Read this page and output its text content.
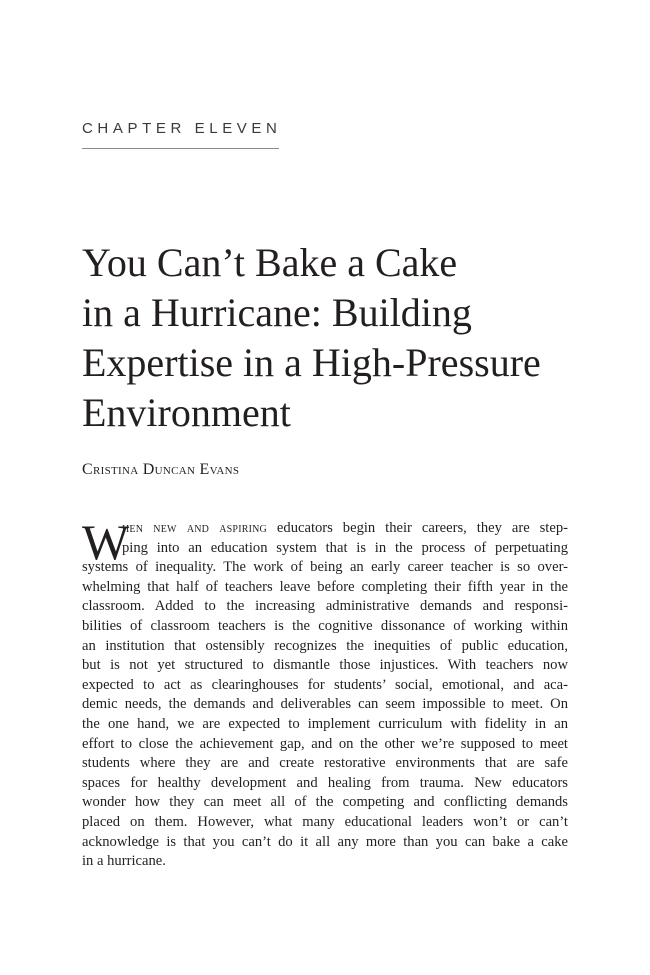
CHAPTER ELEVEN
You Can’t Bake a Cake
in a Hurricane: Building
Expertise in a High-Pressure
Environment
Cristina Duncan Evans
W
hen new and aspiring educators begin their careers, they are step-
ping into an education system that is in the process of perpetuating
systems of inequality. The work of being an early career teacher is so over-
whelming that half of teachers leave before completing their fifth year in the
classroom. Added to the increasing administrative demands and responsi-
bilities of classroom teachers is the cognitive dissonance of working within
an institution that ostensibly recognizes the inequities of public education,
but is not yet structured to dismantle those injustices. With teachers now
expected to act as clearinghouses for students’ social, emotional, and aca-
demic needs, the demands and deliverables can seem impossible to meet. On
the one hand, we are expected to implement curriculum with fidelity in an
effort to close the achievement gap, and on the other we’re supposed to meet
students where they are and create restorative environments that are safe
spaces for healthy development and healing from trauma. New educators
wonder how they can meet all of the competing and conflicting demands
placed on them. However, what many educational leaders won’t or can’t
acknowledge is that you can’t do it all any more than you can bake a cake
in a hurricane.
